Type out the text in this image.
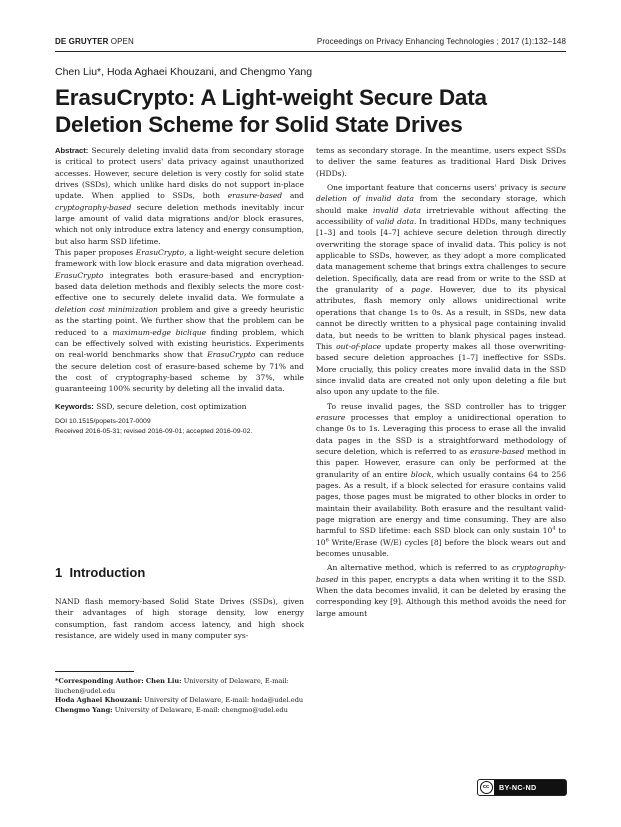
DE GRUYTER OPEN	Proceedings on Privacy Enhancing Technologies ; 2017 (1):132–148
Chen Liu*, Hoda Aghaei Khouzani, and Chengmo Yang
ErasuCrypto: A Light-weight Secure Data Deletion Scheme for Solid State Drives

Abstract: Securely deleting invalid data from secondary storage is critical to protect users' data privacy against unauthorized accesses. However, secure deletion is very costly for solid state drives (SSDs), which unlike hard disks do not support in-place update. When applied to SSDs, both erasure-based and cryptography-based secure deletion methods inevitably incur large amount of valid data migrations and/or block erasures, which not only introduce extra latency and energy consumption, but also harm SSD lifetime.

This paper proposes ErasuCrypto, a light-weight secure deletion framework with low block erasure and data migration overhead. ErasuCrypto integrates both erasure-based and encryption-based data deletion methods and flexibly selects the more cost-effective one to securely delete invalid data. We formulate a deletion cost minimization problem and give a greedy heuristic as the starting point. We further show that the problem can be reduced to a maximum-edge biclique finding problem, which can be effectively solved with existing heuristics. Experiments on real-world benchmarks show that ErasuCrypto can reduce the secure deletion cost of erasure-based scheme by 71% and the cost of cryptography-based scheme by 37%, while guaranteeing 100% security by deleting all the invalid data.

Keywords: SSD, secure deletion, cost optimization

DOI 10.1515/popets-2017-0009

Received 2016-05-31; revised 2016-09-01; accepted 2016-09-02.

1 Introduction
NAND flash memory-based Solid State Drives (SSDs), given their advantages of high storage density, low energy consumption, fast random access latency, and high shock resistance, are widely used in many computer sys-
*Corresponding Author: Chen Liu: University of Delaware, E-mail: liuchen@udel.edu
Hoda Aghaei Khouzani: University of Delaware, E-mail: hoda@udel.edu
Chengmo Yang: University of Delaware, E-mail: chengmo@udel.edu

tems as secondary storage. In the meantime, users expect SSDs to deliver the same features as traditional Hard Disk Drives (HDDs).

One important feature that concerns users' privacy is secure deletion of invalid data from the secondary storage, which should make invalid data irretrievable without affecting the accessibility of valid data. In traditional HDDs, many techniques [1–3] and tools [4–7] achieve secure deletion through directly overwriting the storage space of invalid data. This policy is not applicable to SSDs, however, as they adopt a more complicated data management scheme that brings extra challenges to secure deletion. Specifically, data are read from or write to the SSD at the granularity of a page. However, due to its physical attributes, flash memory only allows unidirectional write operations that change 1s to 0s. As a result, in SSDs, new data cannot be directly written to a physical page containing invalid data, but needs to be written to blank physical pages instead. This out-of-place update property makes all those overwriting-based secure deletion approaches [1–7] ineffective for SSDs. More crucially, this policy creates more invalid data in the SSD since invalid data are created not only upon deleting a file but also upon any update to the file.

To reuse invalid pages, the SSD controller has to trigger erasure processes that employ a unidirectional operation to change 0s to 1s. Leveraging this process to erase all the invalid data pages in the SSD is a straightforward methodology of secure deletion, which is referred to as erasure-based method in this paper. However, erasure can only be performed at the granularity of an entire block, which usually contains 64 to 256 pages. As a result, if a block selected for erasure contains valid pages, those pages must be migrated to other blocks in order to maintain their availability. Both erasure and the resultant valid-page migration are energy and time consuming. They are also harmful to SSD lifetime: each SSD block can only sustain $10^4$ to $10^6$ Write/Erase (W/E) cycles [8] before the block wears out and becomes unusable.

An alternative method, which is referred to as cryptography-based in this paper, encrypts a data when writing it to the SSD. When the data becomes invalid, it can be deleted by erasing the corresponding key [9]. Although this method avoids the need for large amount

cc	BY-NC-ND
